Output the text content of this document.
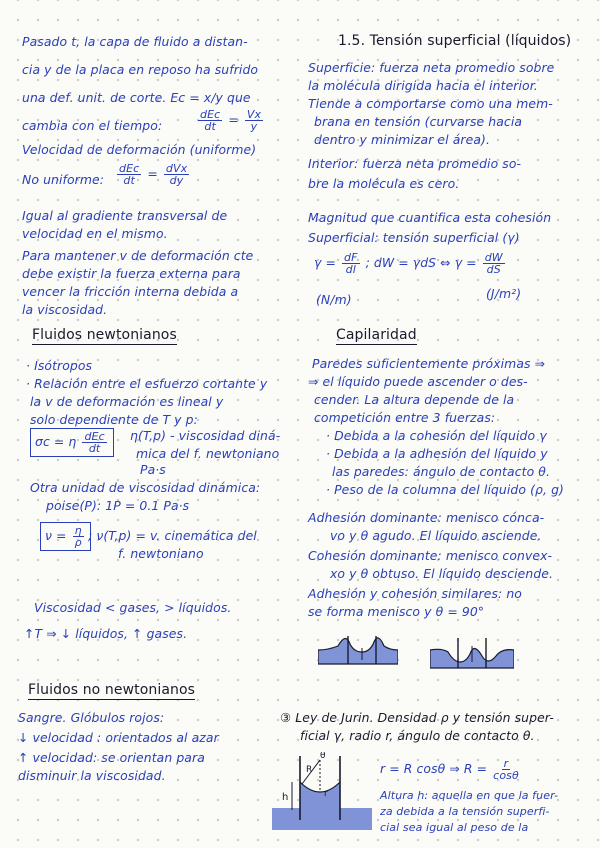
Pasado t, la capa de fluido a distan-
cia y de la placa en reposo ha sufrido
una def. unit. de corte. Ec = x/y que
cambia con el tiempo:	$\frac{\text{dEc}}{dt} = \frac{Vx}{y}$
Velocidad de deformación (uniforme)
No uniforme: $\frac{\text{dEc}}{dt} = \frac{\text{dVx}}{dy}$
Igual al gradiente transversal de
velocidad en el mismo.
Para mantener v de deformación cte
debe existir la fuerza externa para
vencer la fricción interna debida a
la viscosidad.
Fluidos newtonianos
· Isótropos
· Relación entre el esfuerzo cortante y
la v de deformación es lineal y
solo dependiente de T y p:
σc = η $\frac{\text{dEc}}{dt} \eta(T,p)$ - viscosidad diná-
mica del f. newtoniano
Pa·s
Otra unidad de viscosidad dinámica:
poise(P): 1P = 0.1 Pa·s
$\nu = \frac{\eta}{\rho}$ ; ν(T,p) = v. cinemática del
f. newtoniano
Viscosidad < gases, > líquidos.
↑T ⇒ ↓ líquidos, ↑ gases.
Fluidos no newtonianos
Sangre. Glóbulos rojos:
↓ velocidad : orientados al azar
↑ velocidad: se orientan para
disminuir la viscosidad.
1.5. Tensión superficial (líquidos)
Superficie: fuerza neta promedio sobre
la molécula dirigida hacia el interior.
Tiende a comportarse como una mem-
brana en tensión (curvarse hacia
dentro y minimizar el área).
Interior: fuerza neta promedio so-
bre la molécula es cero.
Magnitud que cuantifica esta cohesión
Superficial: tensión superficial (γ)
$\gamma = \frac{dF}{dl}$ ; dW = γdS ⇔ $\gamma = \frac{dW}{dS}$
(N/m)	(J/m²)
Capilaridad
Paredes suficientemente próximas ⇒
⇒ el líquido puede ascender o des-
cender. La altura depende de la
competición entre 3 fuerzas:
· Debida a la cohesión del líquido γ
· Debida a la adhesión del líquido y
las paredes: ángulo de contacto θ.
· Peso de la columna del líquido (ρ, g)
Adhesión dominante: menisco cónca-
vo y θ agudo. El líquido asciende.
Cohesión dominante: menisco convex-
xo y θ obtuso. El líquido desciende.
Adhesión y cohesión similares: no
se forma menisco y θ = 90°
③ Ley de Jurin. Densidad ρ y tensión super-
ficial γ, radio r, ángulo de contacto θ.
r = R cosθ ⇒ $R = \frac{r}{\cos\theta}$
Altura h: aquella en que la fuer-
za debida a la tensión superfi-
cial sea igual al peso de la
θ
R
r
h
